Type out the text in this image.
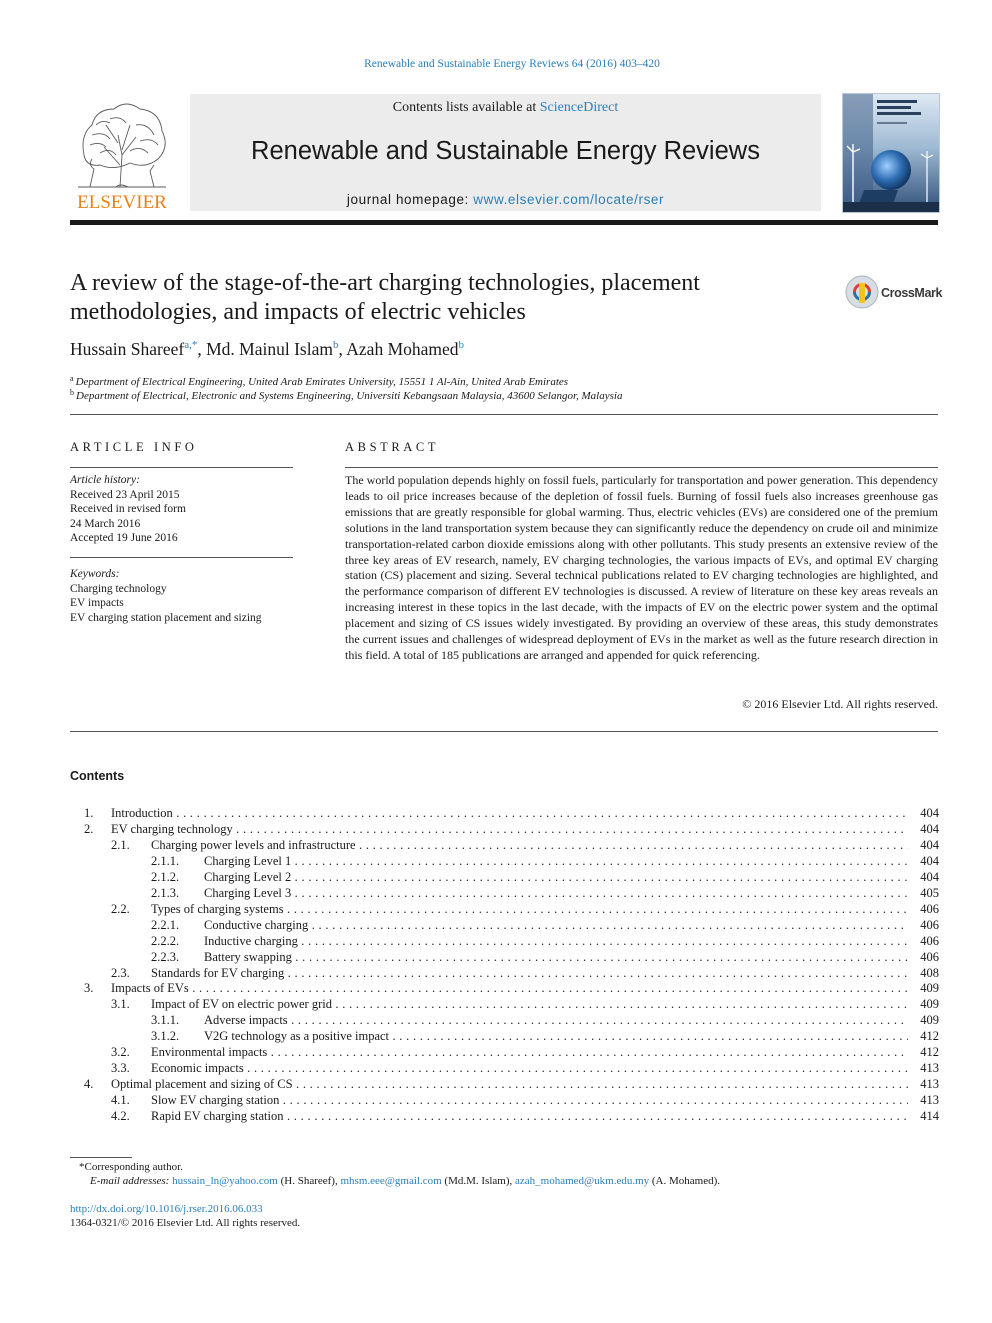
Renewable and Sustainable Energy Reviews 64 (2016) 403–420
ELSEVIER
Contents lists available at ScienceDirect
Renewable and Sustainable Energy Reviews
journal homepage: www.elsevier.com/locate/rser
A review of the stage-of-the-art charging technologies, placement methodologies, and impacts of electric vehicles
CrossMark
Hussain Shareef$^{a,*}$, Md. Mainul Islam$^b$, Azah Mohamed$^b$
$^a$ Department of Electrical Engineering, United Arab Emirates University, 15551 1 Al-Ain, United Arab Emirates
$^b$ Department of Electrical, Electronic and Systems Engineering, Universiti Kebangsaan Malaysia, 43600 Selangor, Malaysia
ARTICLE INFO
Article history:
Received 23 April 2015
Received in revised form
24 March 2016
Accepted 19 June 2016
Keywords:
Charging technology
EV impacts
EV charging station placement and sizing
ABSTRACT
The world population depends highly on fossil fuels, particularly for transportation and power generation. This dependency leads to oil price increases because of the depletion of fossil fuels. Burning of fossil fuels also increases greenhouse gas emissions that are greatly responsible for global warming. Thus, electric vehicles (EVs) are considered one of the premium solutions in the land transportation system because they can significantly reduce the dependency on crude oil and minimize transportation-related carbon dioxide emissions along with other pollutants. This study presents an extensive review of the three key areas of EV research, namely, EV charging technologies, the various impacts of EVs, and optimal EV charging station (CS) placement and sizing. Several technical publications related to EV charging technologies are highlighted, and the performance comparison of different EV technologies is discussed. A review of literature on these key areas reveals an increasing interest in these topics in the last decade, with the impacts of EV on the electric power system and the optimal placement and sizing of CS issues widely investigated. By providing an overview of these areas, this study demonstrates the current issues and challenges of widespread deployment of EVs in the market as well as the future research direction in this field. A total of 185 publications are arranged and appended for quick referencing.
© 2016 Elsevier Ltd. All rights reserved.
Contents
1. Introduction . . .	404
2. EV charging technology . . .	404
2.1. Charging power levels and infrastructure . . .	404
2.1.1. Charging Level 1 . . .	404
2.1.2. Charging Level 2 . . .	404
2.1.3. Charging Level 3 . . .	405
2.2. Types of charging systems . . .	406
2.2.1. Conductive charging . . .	406
2.2.2. Inductive charging . . .	406
2.2.3. Battery swapping . . .	406
2.3. Standards for EV charging . . .	408
3. Impacts of EVs . . .	409
3.1. Impact of EV on electric power grid . . .	409
3.1.1. Adverse impacts . . .	409
3.1.2. V2G technology as a positive impact . . .	412
3.2. Environmental impacts . . .	412
3.3. Economic impacts . . .	413
4. Optimal placement and sizing of CS . . .	413
4.1. Slow EV charging station . . .	413
4.2. Rapid EV charging station . . .	414
*Corresponding author.
E-mail addresses: hussain_ln@yahoo.com (H. Shareef), mhsm.eee@gmail.com (Md.M. Islam), azah_mohamed@ukm.edu.my (A. Mohamed).
http://dx.doi.org/10.1016/j.rser.2016.06.033
1364-0321/© 2016 Elsevier Ltd. All rights reserved.
